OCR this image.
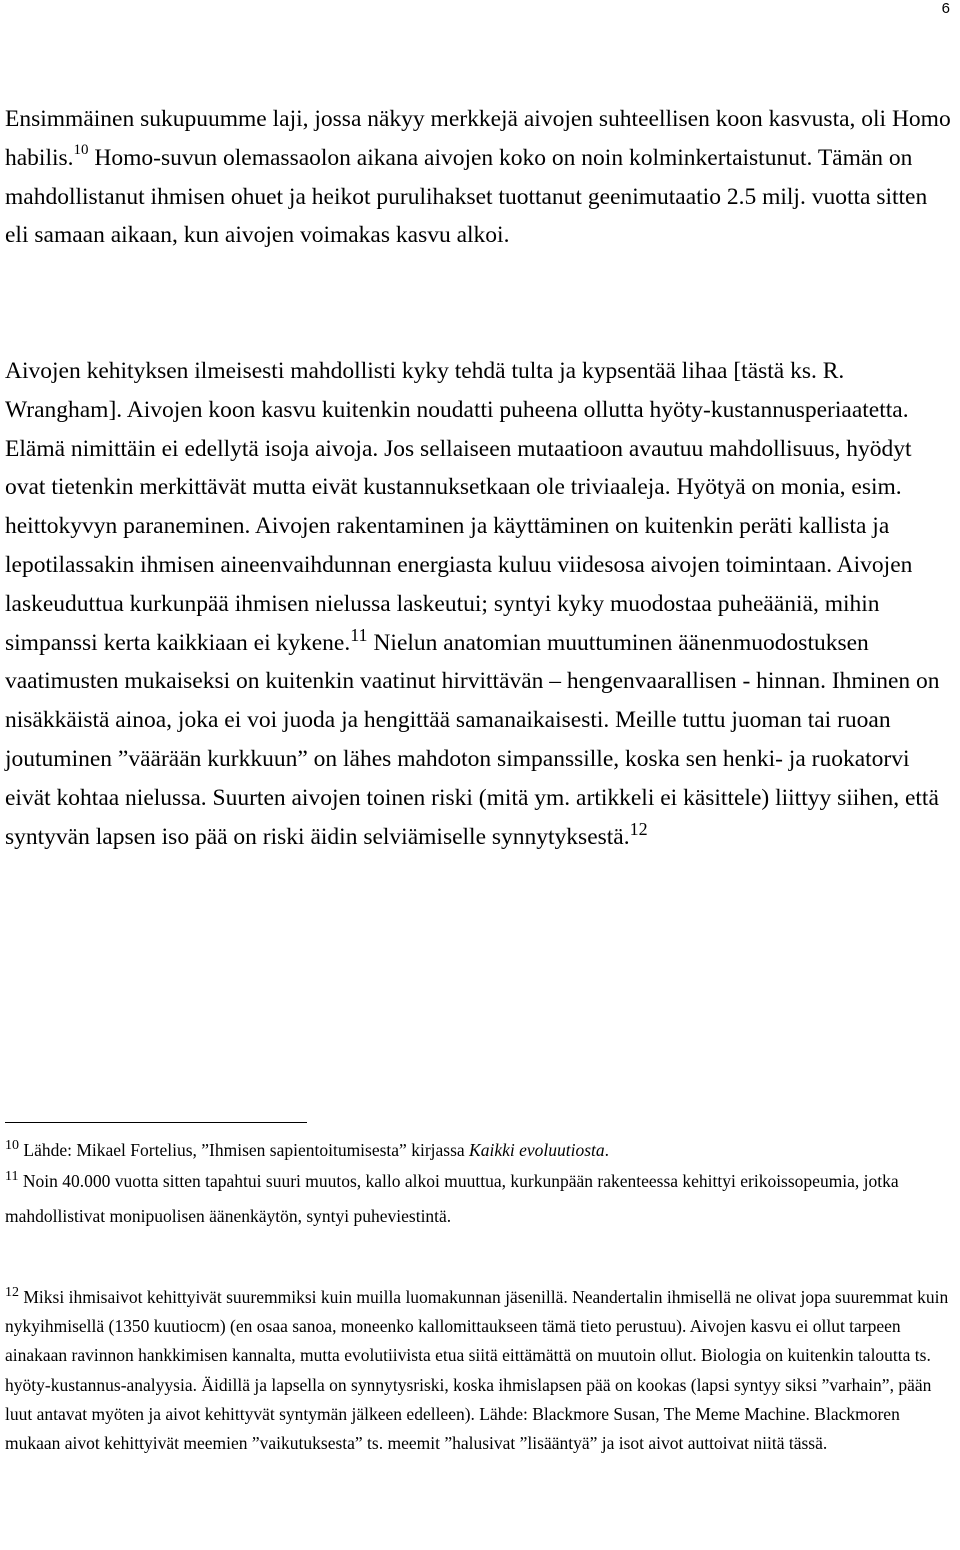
6
Ensimmäinen sukupuumme laji, jossa näkyy merkkejä aivojen suhteellisen koon kasvusta, oli Homo habilis.$^{10}$ Homo-suvun olemassaolon aikana aivojen koko on noin kolminkertaistunut. Tämän on mahdollistanut ihmisen ohuet ja heikot purulihakset tuottanut geenimutaatio 2.5 milj. vuotta sitten eli samaan aikaan, kun aivojen voimakas kasvu alkoi.
Aivojen kehityksen ilmeisesti mahdollisti kyky tehdä tulta ja kypsentää lihaa [tästä ks. R. Wrangham]. Aivojen koon kasvu kuitenkin noudatti puheena ollutta hyöty-kustannusperiaatetta. Elämä nimittäin ei edellytä isoja aivoja. Jos sellaiseen mutaatioon avautuu mahdollisuus, hyödyt ovat tietenkin merkittävät mutta eivät kustannuksetkaan ole triviaaleja. Hyötyä on monia, esim. heittokyvyn paraneminen. Aivojen rakentaminen ja käyttäminen on kuitenkin peräti kallista ja lepotilassakin ihmisen aineenvaihdunnan energiasta kuluu viidesosa aivojen toimintaan. Aivojen laskeuduttua kurkunpää ihmisen nielussa laskeutui; syntyi kyky muodostaa puheääniä, mihin simpanssi kerta kaikkiaan ei kykene.$^{11}$ Nielun anatomian muuttuminen äänenmuodostuksen vaatimusten mukaiseksi on kuitenkin vaatinut hirvittävän – hengenvaarallisen - hinnan. Ihminen on nisäkkäistä ainoa, joka ei voi juoda ja hengittää samanaikaisesti. Meille tuttu juoman tai ruoan joutuminen ”väärään kurkkuun” on lähes mahdoton simpanssille, koska sen henki- ja ruokatorvi eivät kohtaa nielussa. Suurten aivojen toinen riski (mitä ym. artikkeli ei käsittele) liittyy siihen, että syntyvän lapsen iso pää on riski äidin selviämiselle synnytyksestä.$^{12}$
$^{10}$ Lähde: Mikael Fortelius, ”Ihmisen sapientoitumisesta” kirjassa Kaikki evoluutiosta.
$^{11}$ Noin 40.000 vuotta sitten tapahtui suuri muutos, kallo alkoi muuttua, kurkunpään rakenteessa kehittyi erikoissopeumia, jotka mahdollistivat monipuolisen äänenkäytön, syntyi puheviestintä.
$^{12}$ Miksi ihmisaivot kehittyivät suuremmiksi kuin muilla luomakunnan jäsenillä. Neandertalin ihmisellä ne olivat jopa suuremmat kuin nykyihmisellä (1350 kuutiocm) (en osaa sanoa, moneenko kallomittaukseen tämä tieto perustuu). Aivojen kasvu ei ollut tarpeen ainakaan ravinnon hankkimisen kannalta, mutta evolutiivista etua siitä eittämättä on muutoin ollut. Biologia on kuitenkin taloutta ts. hyöty-kustannus-analyysia. Äidillä ja lapsella on synnytysriski, koska ihmislapsen pää on kookas (lapsi syntyy siksi ”varhain”, pään luut antavat myöten ja aivot kehittyvät syntymän jälkeen edelleen). Lähde: Blackmore Susan, The Meme Machine. Blackmoren mukaan aivot kehittyivät meemien ”vaikutuksesta” ts. meemit ”halusivat ”lisääntyä” ja isot aivot auttoivat niitä tässä.
